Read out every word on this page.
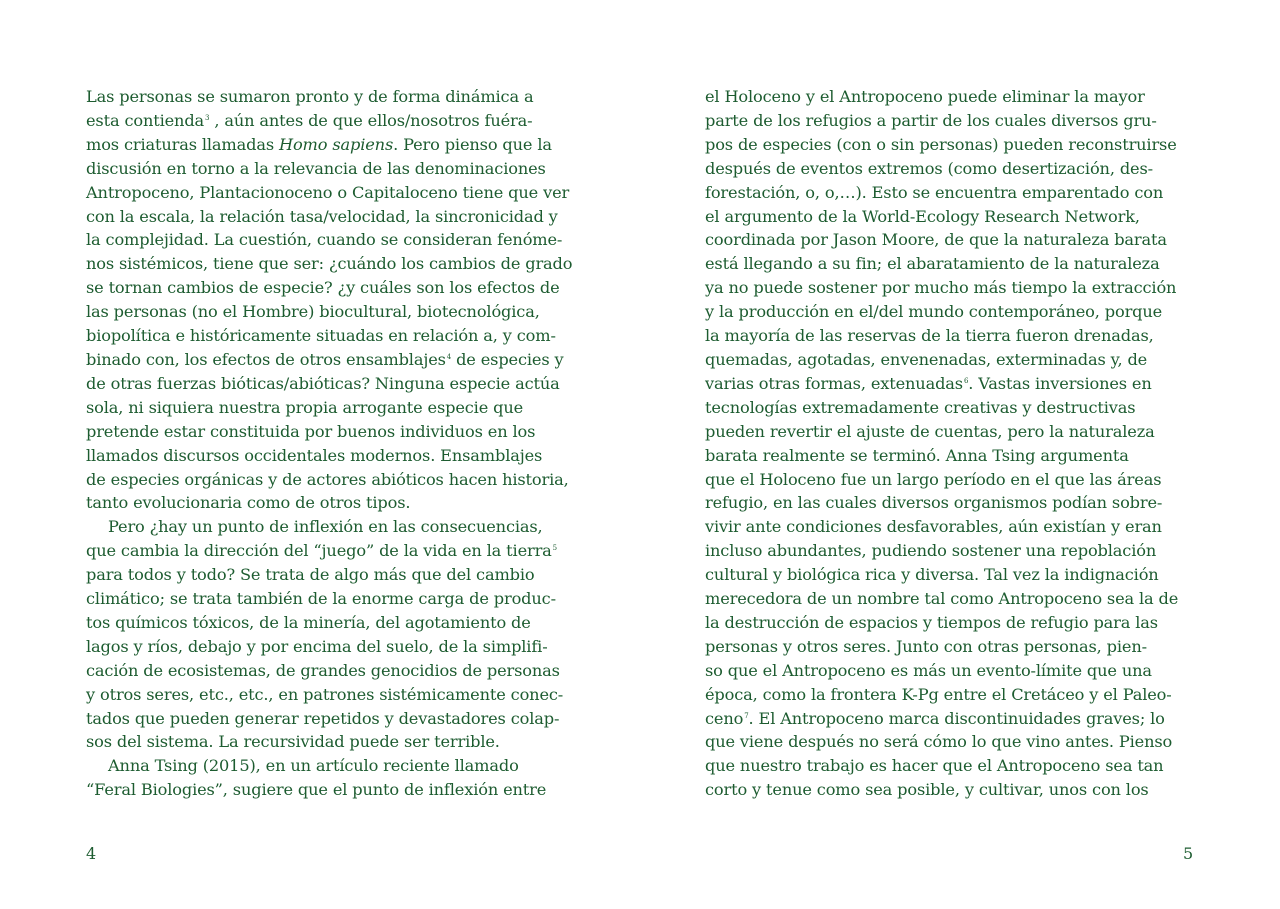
Las personas se sumaron pronto y de forma dinámica a
esta contienda$^3$ , aún antes de que ellos/nosotros fuéra-
mos criaturas llamadas Homo sapiens. Pero pienso que la
discusión en torno a la relevancia de las denominaciones
Antropoceno, Plantacionoceno o Capitaloceno tiene que ver
con la escala, la relación tasa/velocidad, la sincronicidad y
la complejidad. La cuestión, cuando se consideran fenóme-
nos sistémicos, tiene que ser: ¿cuándo los cambios de grado
se tornan cambios de especie? ¿y cuáles son los efectos de
las personas (no el Hombre) biocultural, biotecnológica,
biopolítica e históricamente situadas en relación a, y com-
binado con, los efectos de otros ensamblajes$^4$ de especies y
de otras fuerzas bióticas/abióticas? Ninguna especie actúa
sola, ni siquiera nuestra propia arrogante especie que
pretende estar constituida por buenos individuos en los
llamados discursos occidentales modernos. Ensamblajes
de especies orgánicas y de actores abióticos hacen historia,
tanto evolucionaria como de otros tipos.
Pero ¿hay un punto de inflexión en las consecuencias,
que cambia la dirección del “juego” de la vida en la tierra$^5$
para todos y todo? Se trata de algo más que del cambio
climático; se trata también de la enorme carga de produc-
tos químicos tóxicos, de la minería, del agotamiento de
lagos y ríos, debajo y por encima del suelo, de la simplifi-
cación de ecosistemas, de grandes genocidios de personas
y otros seres, etc., etc., en patrones sistémicamente conec-
tados que pueden generar repetidos y devastadores colap-
sos del sistema. La recursividad puede ser terrible.
Anna Tsing (2015), en un artículo reciente llamado
“Feral Biologies”, sugiere que el punto de inflexión entre
el Holoceno y el Antropoceno puede eliminar la mayor
parte de los refugios a partir de los cuales diversos gru-
pos de especies (con o sin personas) pueden reconstruirse
después de eventos extremos (como desertización, des-
forestación, o, o,…). Esto se encuentra emparentado con
el argumento de la World-Ecology Research Network,
coordinada por Jason Moore, de que la naturaleza barata
está llegando a su fin; el abaratamiento de la naturaleza
ya no puede sostener por mucho más tiempo la extracción
y la producción en el/del mundo contemporáneo, porque
la mayoría de las reservas de la tierra fueron drenadas,
quemadas, agotadas, envenenadas, exterminadas y, de
varias otras formas, extenuadas$^6$. Vastas inversiones en
tecnologías extremadamente creativas y destructivas
pueden revertir el ajuste de cuentas, pero la naturaleza
barata realmente se terminó. Anna Tsing argumenta
que el Holoceno fue un largo período en el que las áreas
refugio, en las cuales diversos organismos podían sobre-
vivir ante condiciones desfavorables, aún existían y eran
incluso abundantes, pudiendo sostener una repoblación
cultural y biológica rica y diversa. Tal vez la indignación
merecedora de un nombre tal como Antropoceno sea la de
la destrucción de espacios y tiempos de refugio para las
personas y otros seres. Junto con otras personas, pien-
so que el Antropoceno es más un evento-límite que una
época, como la frontera K-Pg entre el Cretáceo y el Paleo-
ceno$^7$. El Antropoceno marca discontinuidades graves; lo
que viene después no será cómo lo que vino antes. Pienso
que nuestro trabajo es hacer que el Antropoceno sea tan
corto y tenue como sea posible, y cultivar, unos con los
4	5
